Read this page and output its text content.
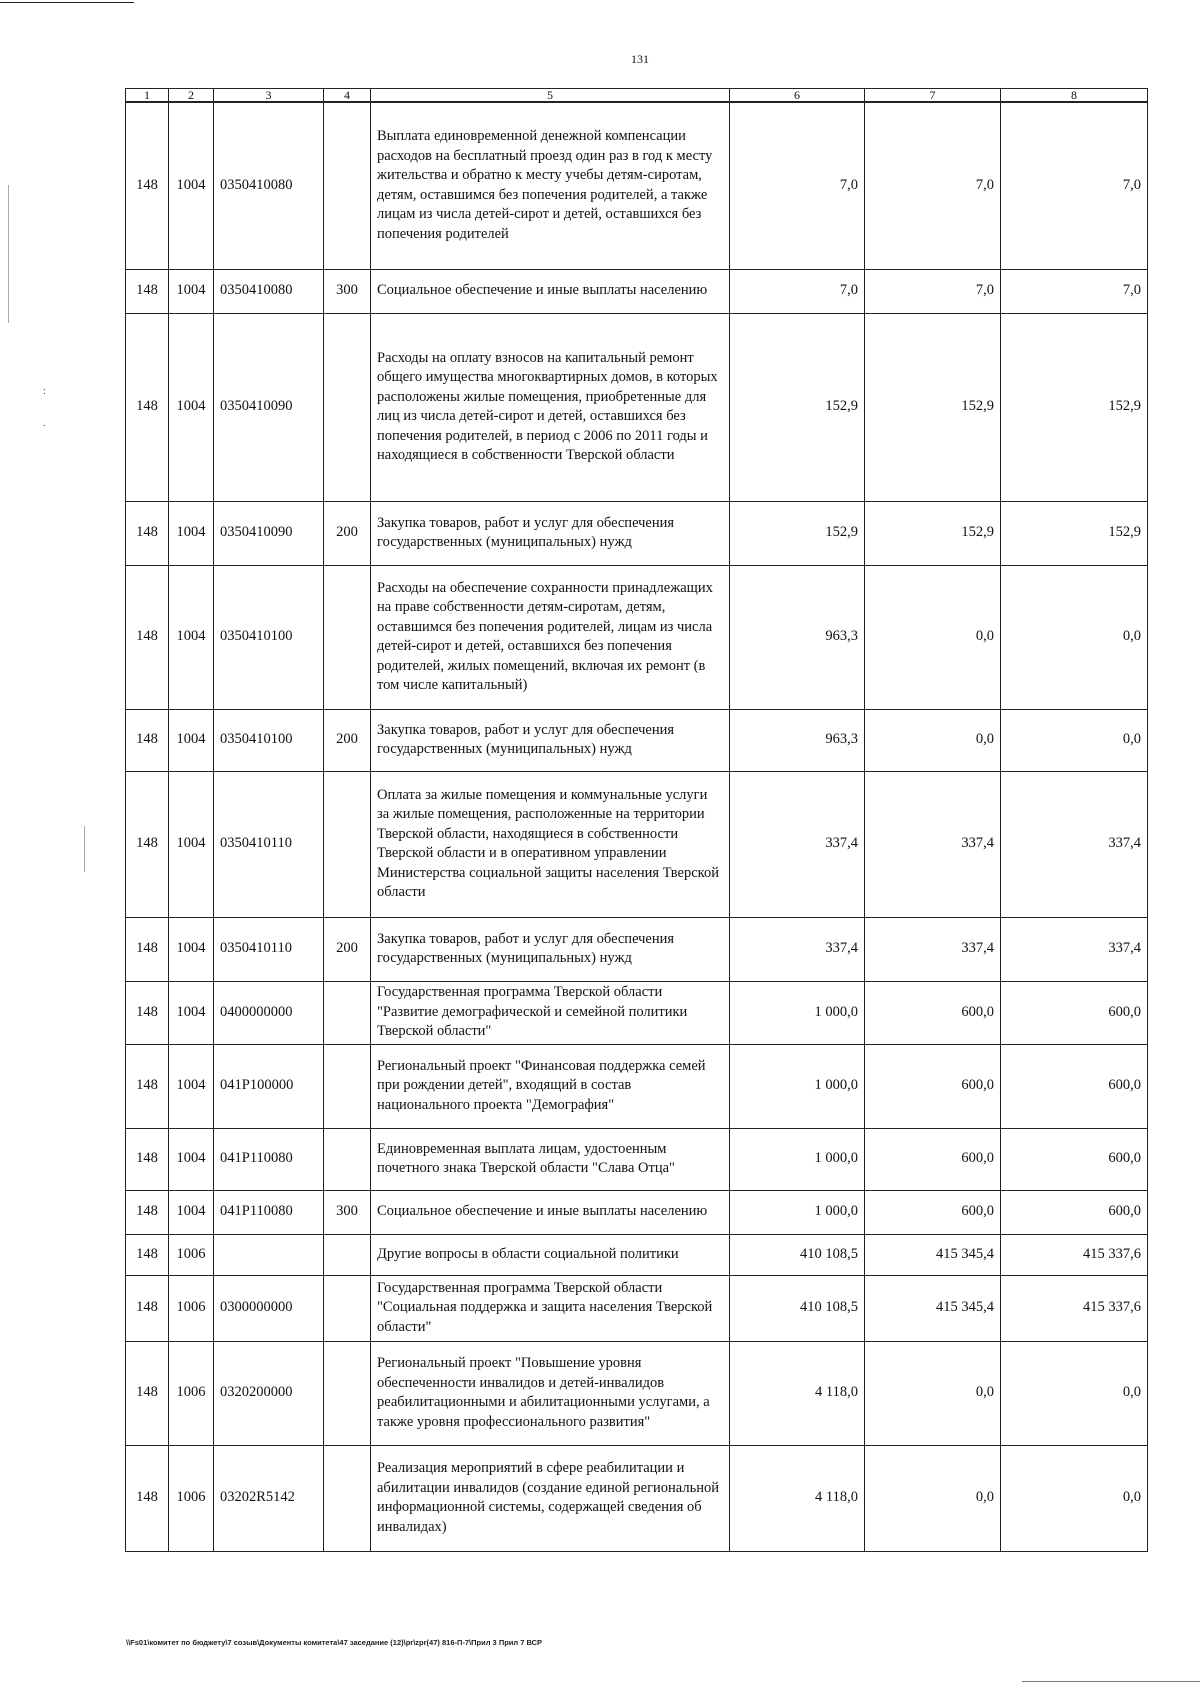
131
:
.
1	2	3	4	5	6	7	8
148	1004	0350410080		Выплата единовременной денежной компенсации расходов на бесплатный проезд один раз в год к месту жительства и обратно к месту учебы детям-сиротам, детям, оставшимся без попечения родителей, а также лицам из числа детей-сирот и детей, оставшихся без попечения родителей	7,0	7,0	7,0
148	1004	0350410080	300	Социальное обеспечение и иные выплаты населению	7,0	7,0	7,0
148	1004	0350410090		Расходы на оплату взносов на капитальный ремонт общего имущества многоквартирных домов, в которых расположены жилые помещения, приобретенные для лиц из числа детей-сирот и детей, оставшихся без попечения родителей, в период с 2006 по 2011 годы и находящиеся в собственности Тверской области	152,9	152,9	152,9
148	1004	0350410090	200	Закупка товаров, работ и услуг для обеспечения государственных (муниципальных) нужд	152,9	152,9	152,9
148	1004	0350410100		Расходы на обеспечение сохранности принадлежащих на праве собственности детям-сиротам, детям, оставшимся без попечения родителей, лицам из числа детей-сирот и детей, оставшихся без попечения родителей, жилых помещений, включая их ремонт (в том числе капитальный)	963,3	0,0	0,0
148	1004	0350410100	200	Закупка товаров, работ и услуг для обеспечения государственных (муниципальных) нужд	963,3	0,0	0,0
148	1004	0350410110		Оплата за жилые помещения и коммунальные услуги за жилые помещения, расположенные на территории Тверской области, находящиеся в собственности Тверской области и в оперативном управлении Министерства социальной защиты населения Тверской области	337,4	337,4	337,4
148	1004	0350410110	200	Закупка товаров, работ и услуг для обеспечения государственных (муниципальных) нужд	337,4	337,4	337,4
148	1004	0400000000		Государственная программа Тверской области "Развитие демографической и семейной политики Тверской области"	1 000,0	600,0	600,0
148	1004	041P100000		Региональный проект "Финансовая поддержка семей при рождении детей", входящий в состав национального проекта "Демография"	1 000,0	600,0	600,0
148	1004	041P110080		Единовременная выплата лицам, удостоенным почетного знака Тверской области "Слава Отца"	1 000,0	600,0	600,0
148	1004	041P110080	300	Социальное обеспечение и иные выплаты населению	1 000,0	600,0	600,0
148	1006			Другие вопросы в области социальной политики	410 108,5	415 345,4	415 337,6
148	1006	0300000000		Государственная программа Тверской области "Социальная поддержка и защита населения Тверской области"	410 108,5	415 345,4	415 337,6
148	1006	0320200000		Региональный проект "Повышение уровня обеспеченности инвалидов и детей-инвалидов реабилитационными и абилитационными услугами, а также уровня профессионального развития"	4 118,0	0,0	0,0
148	1006	03202R5142		Реализация мероприятий в сфере реабилитации и абилитации инвалидов (создание единой региональной информационной системы, содержащей сведения об инвалидах)	4 118,0	0,0	0,0
\\Fs01\комитет по бюджету\7 созыв\Документы комитета\47 заседание (12)\pr\zpr(47) 816-П-7\Прил 3 Прил 7 ВСР
